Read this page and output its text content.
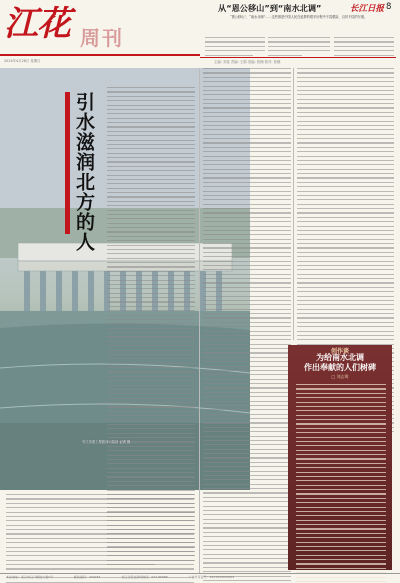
江花 周刊
2024年4月28日 星期日	主编: 刘富 责编: 王娟 美编: 张楠 校对: 张娜
从“恩公移山”到“南水北调”	长江日报 8
“愚公移山”，“南水北调”……这些都是中国人民在追梦的艰辛历程中不畏艰险、百折不挠的写照。
引水滋润北方的人
引江济淮工程派河口泵站 记者 摄
创作谈
为给南水北调
作出奉献的人们树碑
□ 刘志骞
本社地址：武汉市汉口解放大道1号	邮政编码：430033	长江日报社新闻热线：027-85888	广告许可证号：4201004000001
